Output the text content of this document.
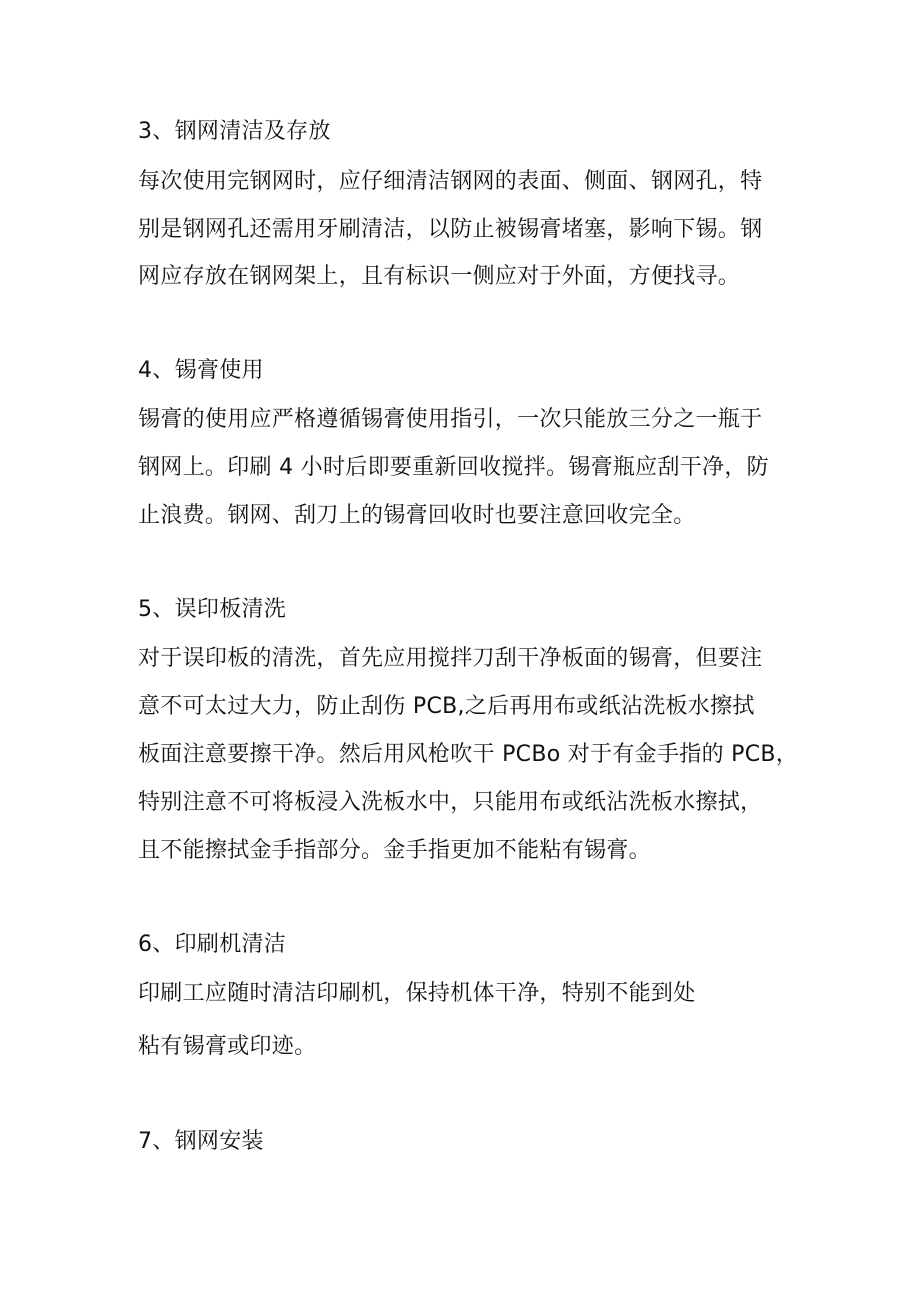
3、钢网清洁及存放
每次使用完钢网时，应仔细清洁钢网的表面、侧面、钢网孔，特
别是钢网孔还需用牙刷清洁，以防止被锡膏堵塞，影响下锡。钢
网应存放在钢网架上，且有标识一侧应对于外面，方便找寻。
4、锡膏使用
锡膏的使用应严格遵循锡膏使用指引，一次只能放三分之一瓶于
钢网上。印刷 4 小时后即要重新回收搅拌。锡膏瓶应刮干净，防
止浪费。钢网、刮刀上的锡膏回收时也要注意回收完全。
5、误印板清洗
对于误印板的清洗，首先应用搅拌刀刮干净板面的锡膏，但要注
意不可太过大力，防止刮伤 PCB,之后再用布或纸沾洗板水擦拭
板面注意要擦干净。然后用风枪吹干 PCBo 对于有金手指的 PCB，
特别注意不可将板浸入洗板水中，只能用布或纸沾洗板水擦拭，
且不能擦拭金手指部分。金手指更加不能粘有锡膏。
6、印刷机清洁
印刷工应随时清洁印刷机，保持机体干净，特别不能到处
粘有锡膏或印迹。
7、钢网安装
